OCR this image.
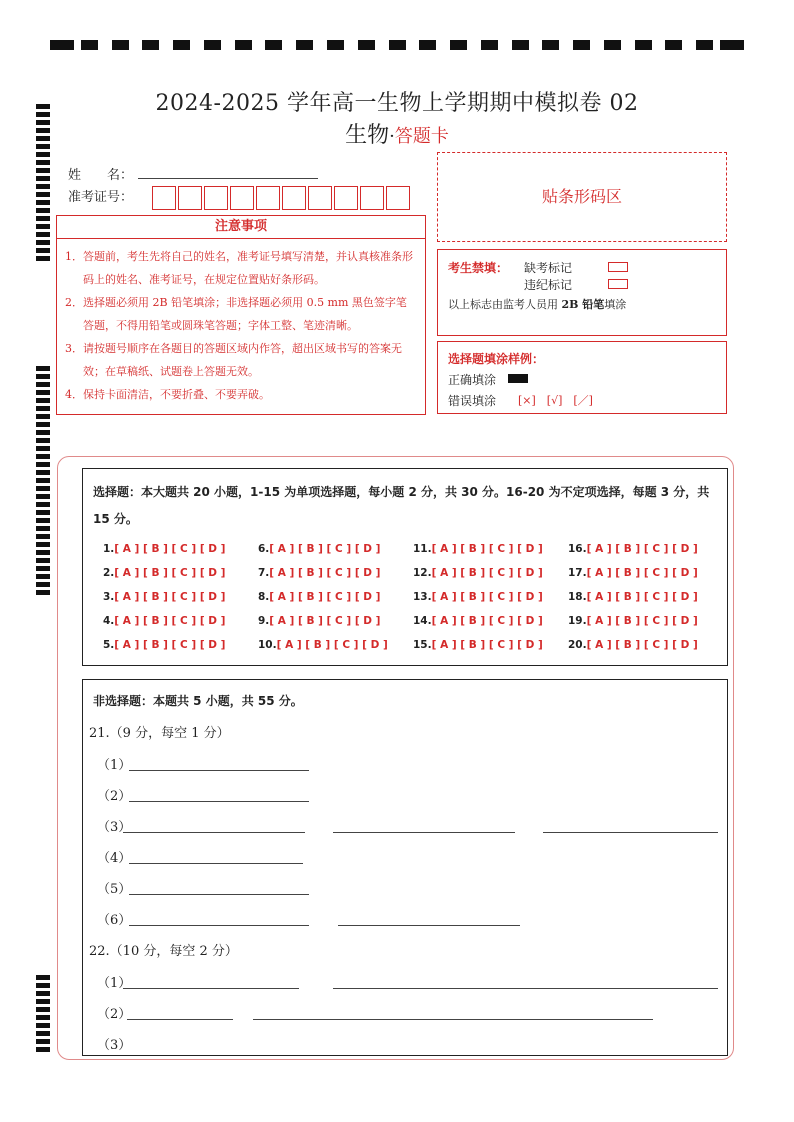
2024-2025 学年高一生物上学期期中模拟卷 02
生物·答题卡
姓　　名：
准考证号：
注意事项
1．答题前，考生先将自己的姓名，准考证号填写清楚，并认真核准条形码上的姓名、准考证号，在规定位置贴好条形码。
2．选择题必须用 2B 铅笔填涂；非选择题必须用 0.5 mm 黑色签字笔答题，不得用铅笔或圆珠笔答题；字体工整、笔迹清晰。
3．请按题号顺序在各题目的答题区域内作答，超出区域书写的答案无效；在草稿纸、试题卷上答题无效。
4．保持卡面清洁，不要折叠、不要弄破。
贴条形码区
考生禁填： 缺考标记
违纪标记
以上标志由监考人员用 2B 铅笔填涂
选择题填涂样例：
正确填涂
错误填涂 [×]　[√]　[／]
选择题：本大题共 20 小题，1-15 为单项选择题，每小题 2 分，共 30 分。16-20 为不定项选择，每题 3 分，共 15 分。
1.[ A ] [ B ] [ C ] [ D ]
2.[ A ] [ B ] [ C ] [ D ]
3.[ A ] [ B ] [ C ] [ D ]
4.[ A ] [ B ] [ C ] [ D ]
5.[ A ] [ B ] [ C ] [ D ]
6.[ A ] [ B ] [ C ] [ D ]
7.[ A ] [ B ] [ C ] [ D ]
8.[ A ] [ B ] [ C ] [ D ]
9.[ A ] [ B ] [ C ] [ D ]
10.[ A ] [ B ] [ C ] [ D ]
11.[ A ] [ B ] [ C ] [ D ]
12.[ A ] [ B ] [ C ] [ D ]
13.[ A ] [ B ] [ C ] [ D ]
14.[ A ] [ B ] [ C ] [ D ]
15.[ A ] [ B ] [ C ] [ D ]
16.[ A ] [ B ] [ C ] [ D ]
17.[ A ] [ B ] [ C ] [ D ]
18.[ A ] [ B ] [ C ] [ D ]
19.[ A ] [ B ] [ C ] [ D ]
20.[ A ] [ B ] [ C ] [ D ]
非选择题：本题共 5 小题，共 55 分。
21.（9 分，每空 1 分）
（1）
（2）
（3）
（4）
（5）
（6）
22.（10 分，每空 2 分）
（1）
（2）
（3）
